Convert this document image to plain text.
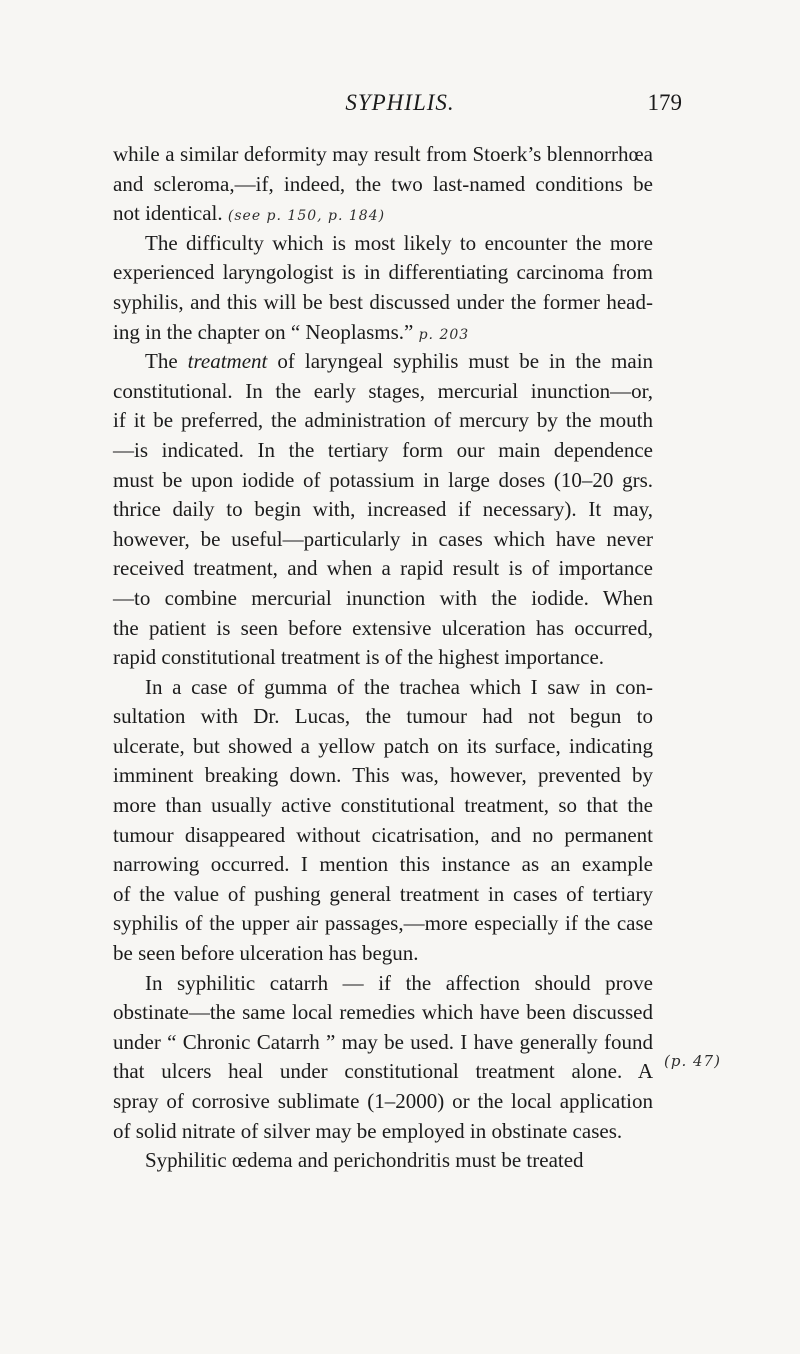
SYPHILIS.	179
while a similar deformity may result from Stoerk’s blennorrhœa
and scleroma,—if, indeed, the two last-named conditions be
not identical. (see p. 150, p. 184)
The difficulty which is most likely to encounter the more
experienced laryngologist is in differentiating carcinoma from
syphilis, and this will be best discussed under the former head-
ing in the chapter on “ Neoplasms.” p. 203
The treatment of laryngeal syphilis must be in the main
constitutional. In the early stages, mercurial inunction—or,
if it be preferred, the administration of mercury by the mouth
—is indicated. In the tertiary form our main dependence
must be upon iodide of potassium in large doses (10–20 grs.
thrice daily to begin with, increased if necessary). It may,
however, be useful—particularly in cases which have never
received treatment, and when a rapid result is of importance
—to combine mercurial inunction with the iodide. When
the patient is seen before extensive ulceration has occurred,
rapid constitutional treatment is of the highest importance.
In a case of gumma of the trachea which I saw in con-
sultation with Dr. Lucas, the tumour had not begun to
ulcerate, but showed a yellow patch on its surface, indicating
imminent breaking down. This was, however, prevented by
more than usually active constitutional treatment, so that the
tumour disappeared without cicatrisation, and no permanent
narrowing occurred. I mention this instance as an example
of the value of pushing general treatment in cases of tertiary
syphilis of the upper air passages,—more especially if the case
be seen before ulceration has begun.
In syphilitic catarrh — if the affection should prove
obstinate—the same local remedies which have been discussed
under “ Chronic Catarrh ” may be used. I have generally found
that ulcers heal under constitutional treatment alone. A
spray of corrosive sublimate (1–2000) or the local application
of solid nitrate of silver may be employed in obstinate cases.
Syphilitic œdema and perichondritis must be treated
(p. 47)
